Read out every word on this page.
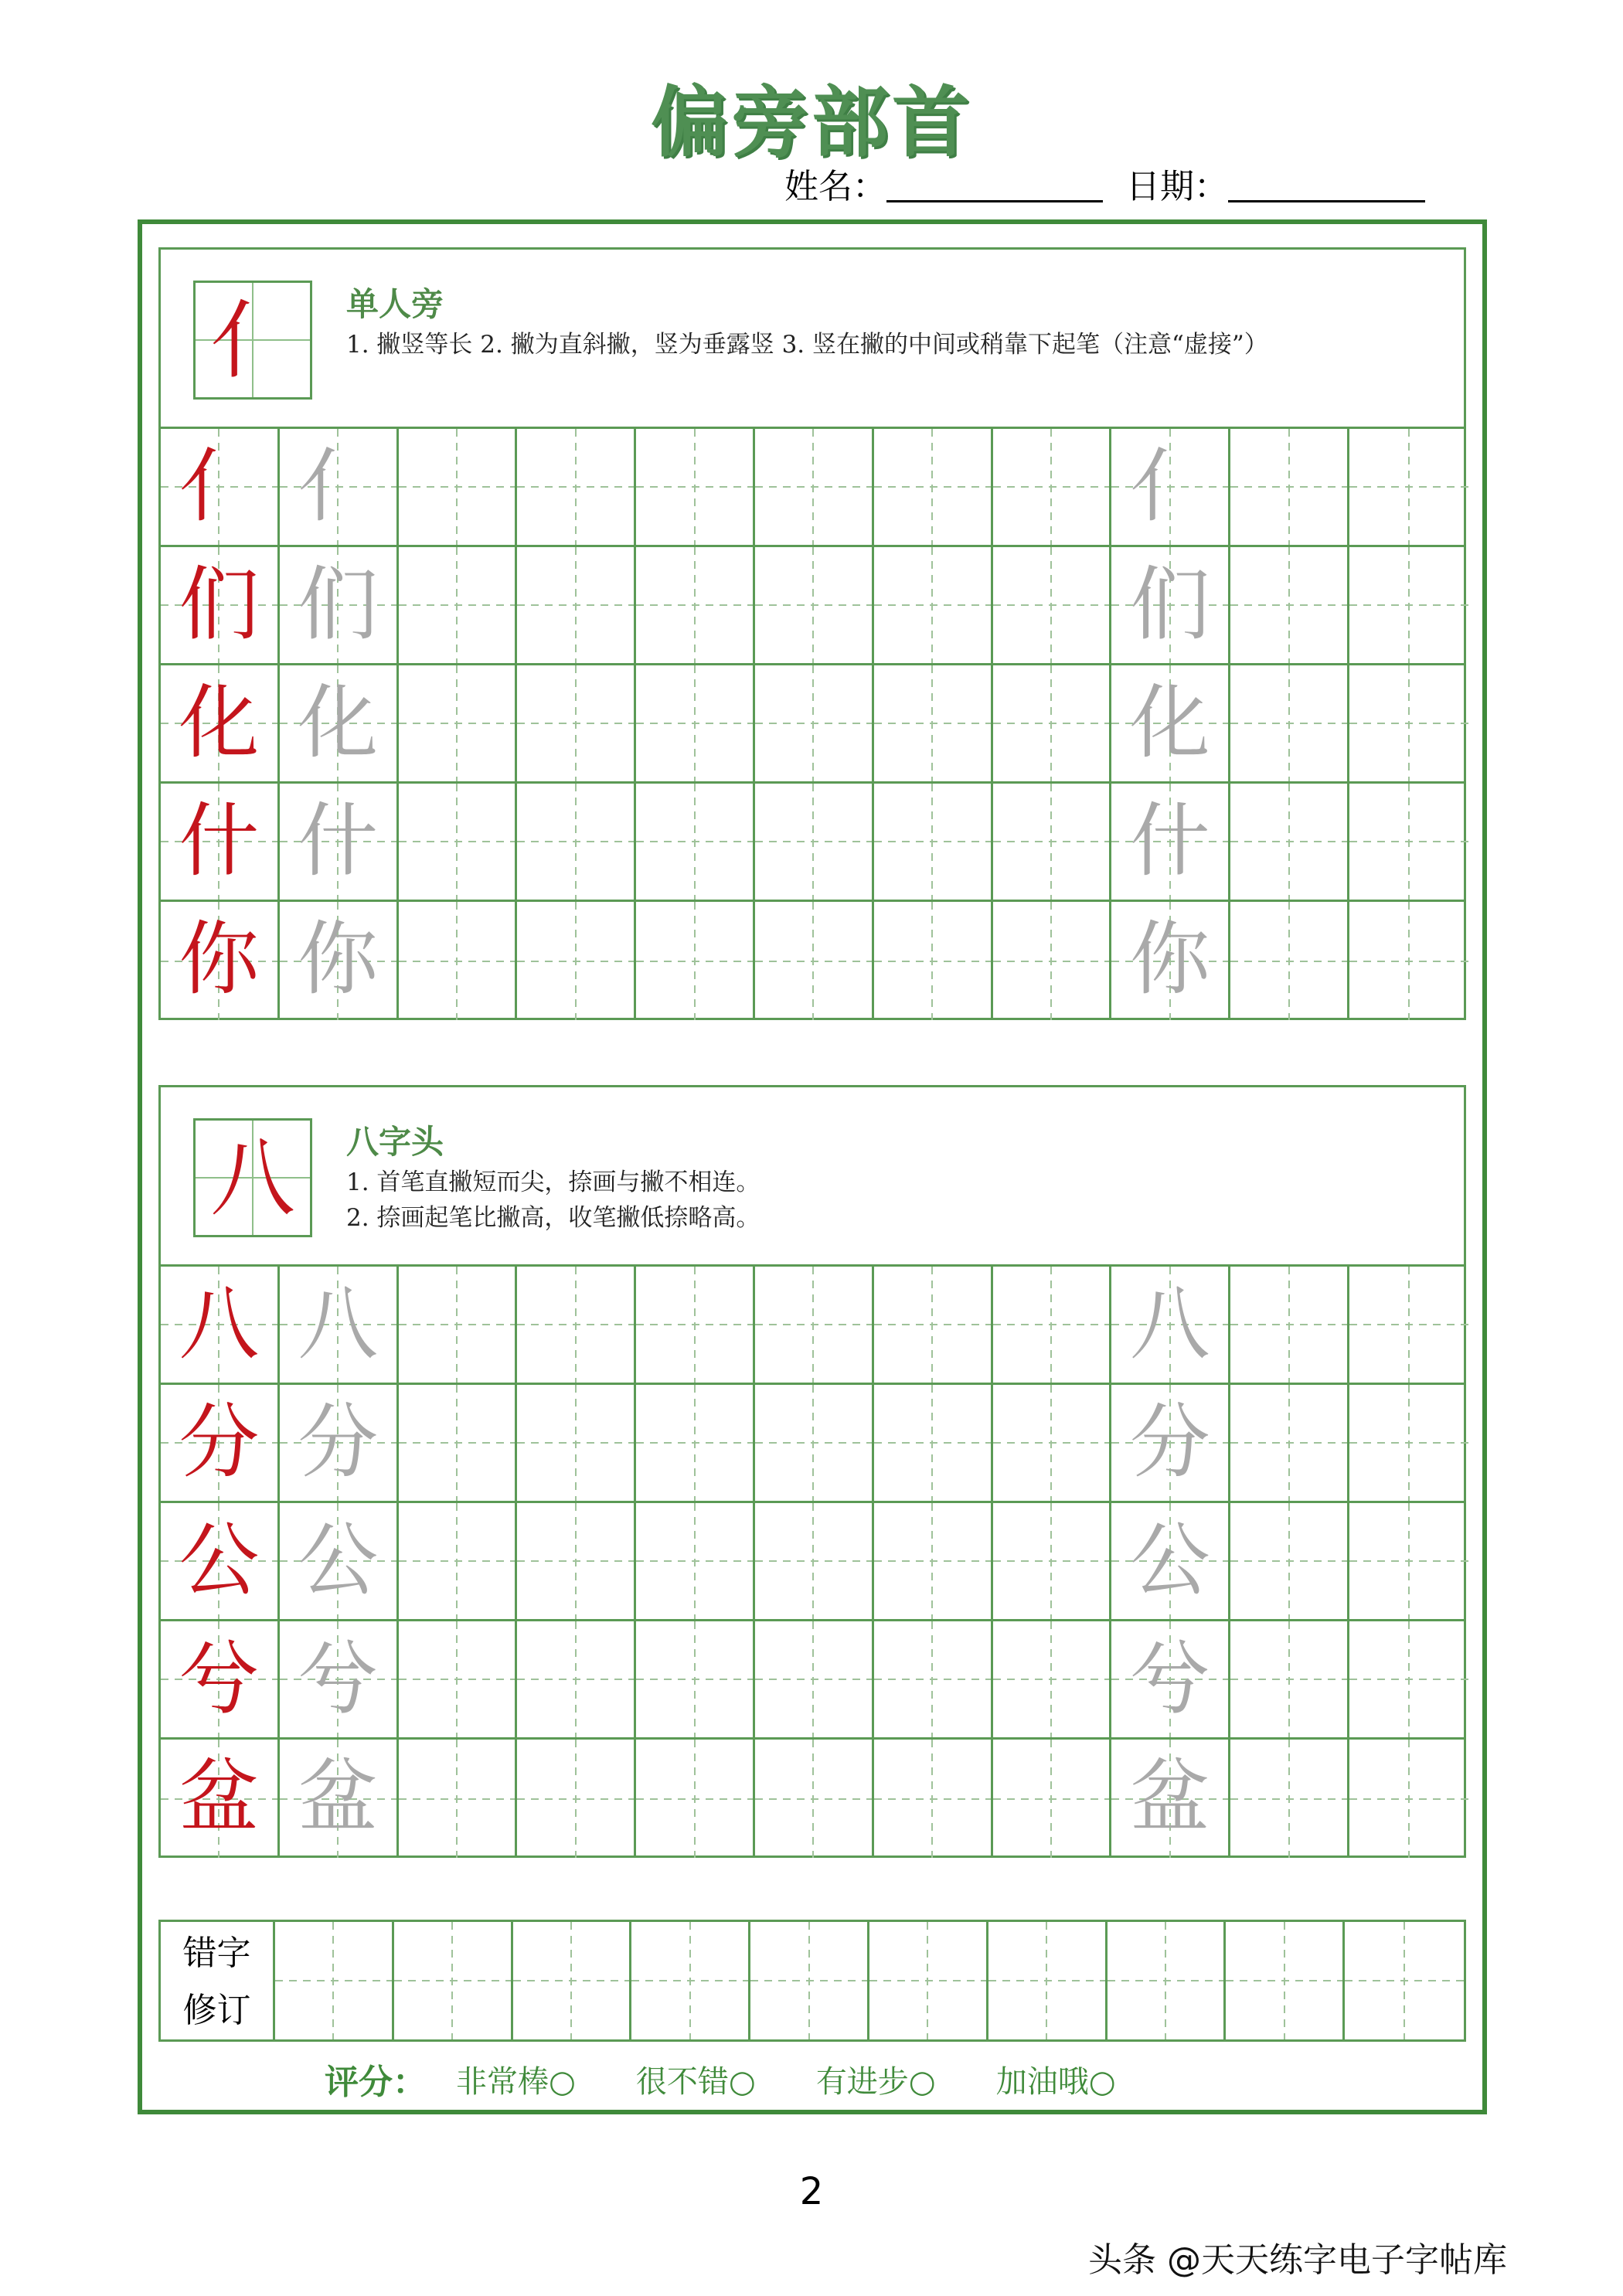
偏旁部首
姓名：	日期：
亻	单人旁
1. 撇竖等长 2. 撇为直斜撇，竖为垂露竖 3. 竖在撇的中间或稍靠下起笔（注意“虚接”）
亻 亻	亻
们 们	们
化 化	化
什 什	什
你 你	你
八	八字头
1. 首笔直撇短而尖，捺画与撇不相连。
2. 捺画起笔比撇高，收笔撇低捺略高。
八 八	八
分 分	分
公 公	公
兮 兮	兮
盆 盆	盆
错字
修订
评分： 非常棒○ 很不错○ 有进步○ 加油哦○
2
头条 @天天练字电子字帖库
